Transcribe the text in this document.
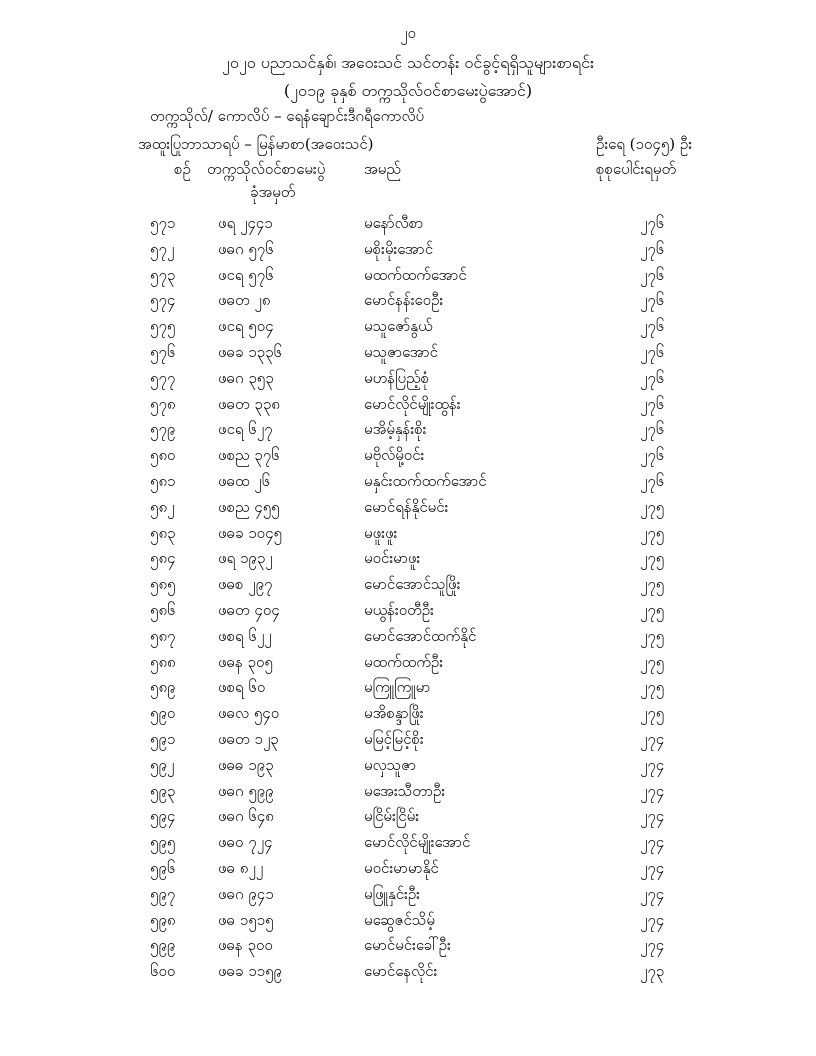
၂၀
၂၀၂၀ ပညာသင်နှစ်၊ အဝေးသင် သင်တန်း ဝင်ခွင့်ရရှိသူများစာရင်း
(၂၀၁၉ ခုနှစ် တက္ကသိုလ်ဝင်စာမေးပွဲအောင်)
တက္ကသိုလ်/ ကောလိပ် – ရေနံချောင်းဒီဂရီကောလိပ်
အထူးပြုဘာသာရပ် – မြန်မာစာ(အဝေးသင်)	ဦးရေ (၁၀၄၅) ဦး
စဉ် တက္ကသိုလ်ဝင်စာမေးပွဲ
ခုံအမှတ်
အမည်	စုစုပေါင်းရမှတ်
၅၇၁	ဖရ ၂၄၄၁	မနော်လီစာ	၂၇၆
၅၇၂	ဖဓဂ ၅၇၆	မစိုးမိုးအောင်	၂၇၆
၅၇၃	ဖငရ ၅၇၆	မထက်ထက်အောင်	၂၇၆
၅၇၄	ဖဓတ ၂၈	မောင်နန်းဝေဦး	၂၇၆
၅၇၅	ဖငရ ၅၀၄	မသူဇော်နွယ်	၂၇၆
၅၇၆	ဖဓခ ၁၃၃၆	မသူဇာအောင်	၂၇၆
၅၇၇	ဖဓဂ ၃၅၃	မဟန်ပြည့်စုံ	၂၇၆
၅၇၈	ဖဓတ ၃၃၈	မောင်လိုင်မျိုးထွန်း	၂၇၆
၅၇၉	ဖငရ ၆၂၇	မအိမ့်နှန်းစိုး	၂၇၆
၅၈၀	ဖစည ၃၇၆	မဗိုလ်မို့ဝင်း	၂၇၆
၅၈၁	ဖဓထ ၂၆	မနှင်းထက်ထက်အောင်	၂၇၆
၅၈၂	ဖစည ၄၅၅	မောင်ရန်နိုင်မင်း	၂၇၅
၅၈၃	ဖဓခ ၁၀၄၅	မဖူးဖူး	၂၇၅
၅၈၄	ဖရ ၁၉၃၂	မဝင်းမာဖူး	၂၇၅
၅၈၅	ဖဓစ ၂၉၇	မောင်အောင်သူဖြိုး	၂၇၅
၅၈၆	ဖဓတ ၄၀၄	မယွန်းဝတီဦး	၂၇၅
၅၈၇	ဖစရ ၆၂၂	မောင်အောင်ထက်နိုင်	၂၇၅
၅၈၈	ဖဓန ၃၀၅	မထက်ထက်ဦး	၂၇၅
၅၈၉	ဖစရ ၆၀	မကြူကြူမာ	၂၇၅
၅၉၀	ဖဓလ ၅၄၀	မအိစန္ဒာဖြိုး	၂၇၅
၅၉၁	ဖဓတ ၁၂၃	မမြင့်မြင့်စိုး	၂၇၄
၅၉၂	ဖဓဓ ၁၉၃	မလှသူဇာ	၂၇၄
၅၉၃	ဖဓဂ ၅၉၉	မအေးသီတာဦး	၂၇၄
၅၉၄	ဖဓဂ ၆၄၈	မငြိမ်းငြိမ်း	၂၇၄
၅၉၅	ဖဓဝ ၇၂၄	မောင်လိုင်မျိုးအောင်	၂၇၄
၅၉၆	ဖဓ ၈၂၂	မဝင်းမာမာနိုင်	၂၇၄
၅၉၇	ဖဓဂ ၉၄၁	မဖြူနှင်းဦး	၂၇၄
၅၉၈	ဖဓ ၁၅၁၅	မဆွေဇင်သိမ့်	၂၇၄
၅၉၉	ဖဓန ၃၀၀	မောင်မင်းခေါ်ဦး	၂၇၄
၆၀၀	ဖဓခ ၁၁၅၉	မောင်နေလိုင်း	၂၇၃
